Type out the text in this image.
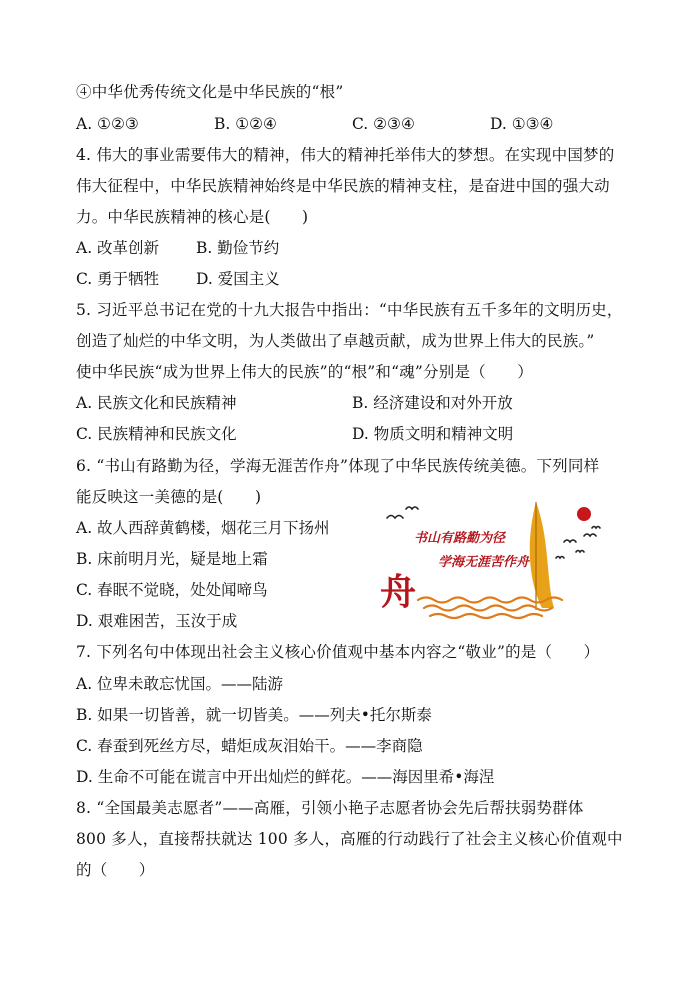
④中华优秀传统文化是中华民族的“根”
A. ①②③	B. ①②④	C. ②③④	D. ①③④
4. 伟大的事业需要伟大的精神，伟大的精神托举伟大的梦想。在实现中国梦的
伟大征程中，中华民族精神始终是中华民族的精神支柱，是奋进中国的强大动
力。中华民族精神的核心是(　　)
A. 改革创新 B. 勤俭节约
C. 勇于牺牲 D. 爱国主义
5. 习近平总书记在党的十九大报告中指出：“中华民族有五千多年的文明历史，
创造了灿烂的中华文明，为人类做出了卓越贡献，成为世界上伟大的民族。”
使中华民族“成为世界上伟大的民族”的“根”和“魂”分别是（　　）
A. 民族文化和民族精神	B. 经济建设和对外开放
C. 民族精神和民族文化	D. 物质文明和精神文明
6. “书山有路勤为径，学海无涯苦作舟”体现了中华民族传统美德。下列同样
能反映这一美德的是(　　)
A. 故人西辞黄鹤楼，烟花三月下扬州
B. 床前明月光，疑是地上霜
C. 春眠不觉晓，处处闻啼鸟
D. 艰难困苦，玉汝于成
书山有路勤为径
学海无涯苦作舟
舟
7. 下列名句中体现出社会主义核心价值观中基本内容之“敬业”的是（　　）
A. 位卑未敢忘忧国。——陆游
B. 如果一切皆善，就一切皆美。——列夫•托尔斯泰
C. 春蚕到死丝方尽，蜡炬成灰泪始干。——李商隐
D. 生命不可能在谎言中开出灿烂的鲜花。——海因里希•海涅
8. “全国最美志愿者”——高雁，引领小艳子志愿者协会先后帮扶弱势群体
800 多人，直接帮扶就达 100 多人，高雁的行动践行了社会主义核心价值观中
的（　　）
